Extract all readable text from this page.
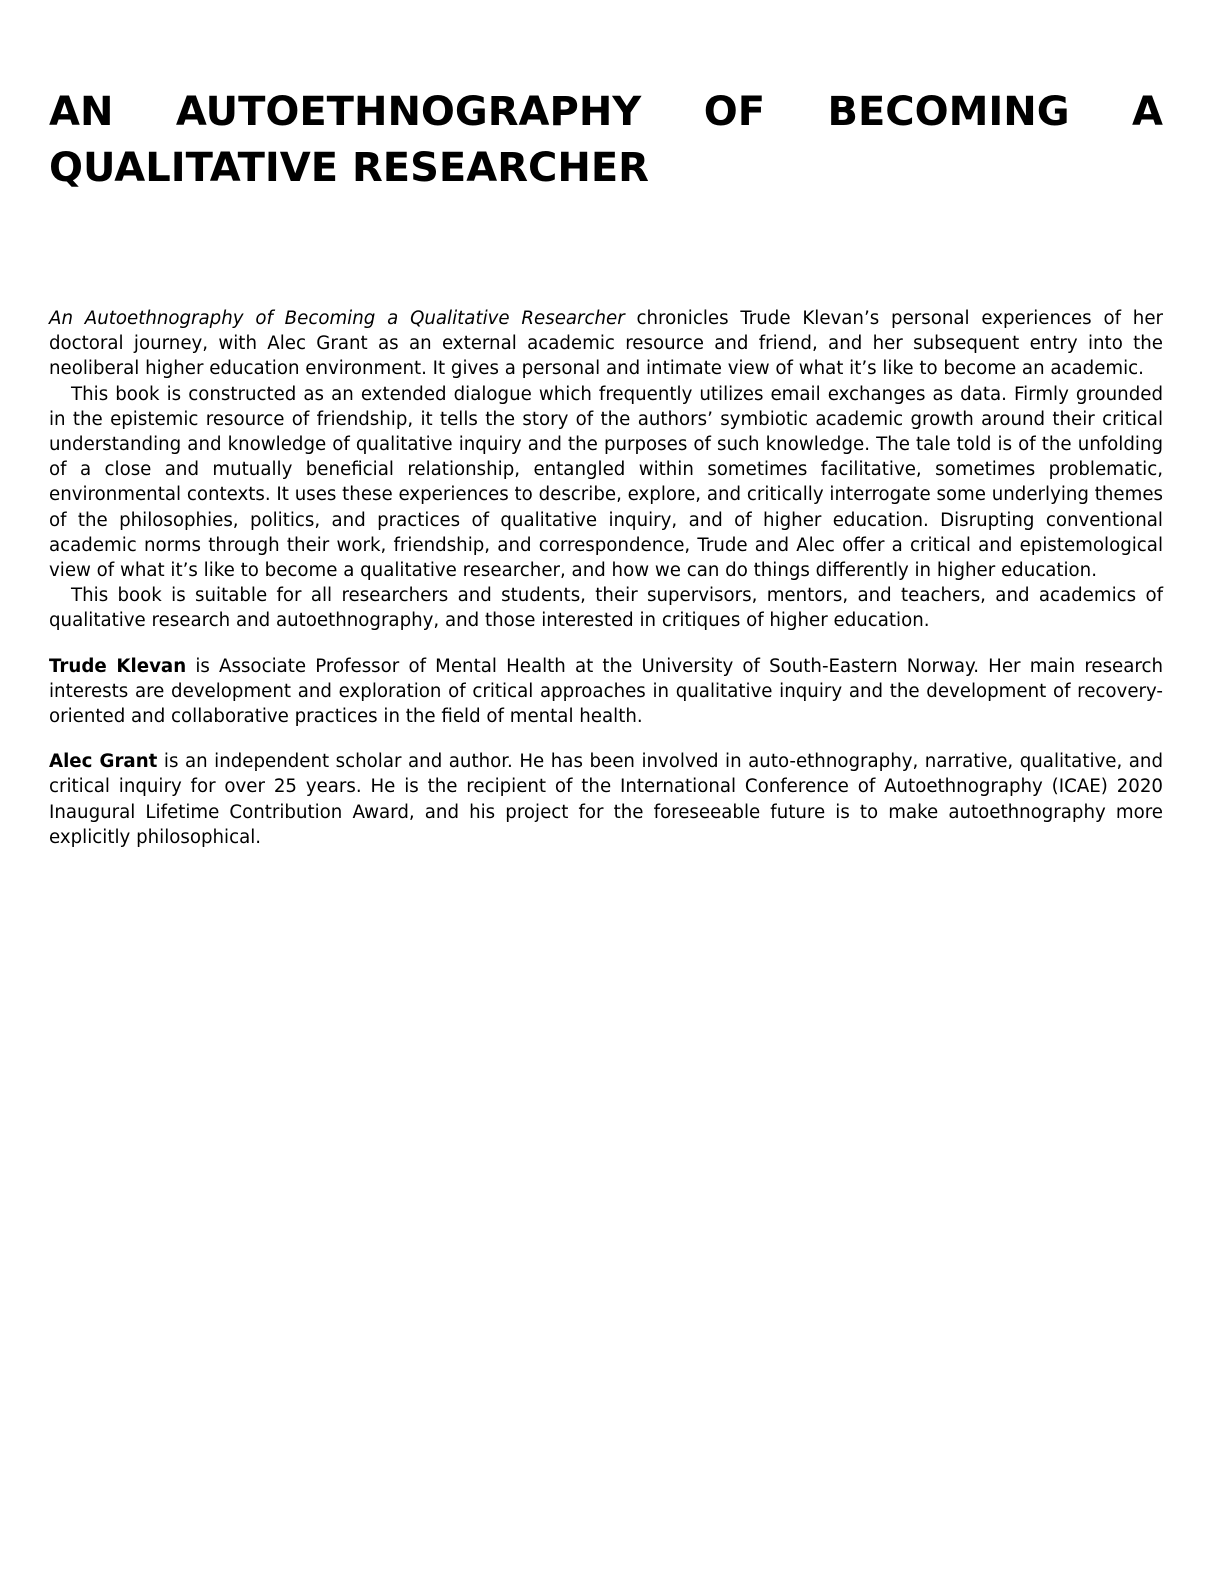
AN AUTOETHNOGRAPHY OF BECOMING A
QUALITATIVE RESEARCHER

An Autoethnography of Becoming a Qualitative Researcher chronicles Trude Klevan’s personal experiences of her doctoral journey, with Alec Grant as an external academic resource and friend, and her subsequent entry into the neoliberal higher education environment. It gives a personal and intimate view of what it’s like to become an academic.

This book is constructed as an extended dialogue which frequently utilizes email exchanges as data. Firmly grounded in the epistemic resource of friendship, it tells the story of the authors’ symbiotic academic growth around their critical understanding and knowledge of qualitative inquiry and the purposes of such knowledge. The tale told is of the unfolding of a close and mutually beneficial relationship, entangled within sometimes facilitative, sometimes problematic, environmental contexts. It uses these experiences to describe, explore, and critically interrogate some underlying themes of the philosophies, politics, and practices of qualitative inquiry, and of higher education. Disrupting conventional academic norms through their work, friendship, and correspondence, Trude and Alec offer a critical and epistemological view of what it’s like to become a qualitative researcher, and how we can do things differently in higher education.

This book is suitable for all researchers and students, their supervisors, mentors, and teachers, and academics of qualitative research and autoethnography, and those interested in critiques of higher education.

Trude Klevan is Associate Professor of Mental Health at the University of South-Eastern Norway. Her main research interests are development and exploration of critical approaches in qualitative inquiry and the development of recovery-oriented and collaborative practices in the field of mental health.

Alec Grant is an independent scholar and author. He has been involved in auto-ethnography, narrative, qualitative, and critical inquiry for over 25 years. He is the recipient of the International Conference of Autoethnography (ICAE) 2020 Inaugural Lifetime Contribution Award, and his project for the foreseeable future is to make autoethnography more explicitly philosophical.
